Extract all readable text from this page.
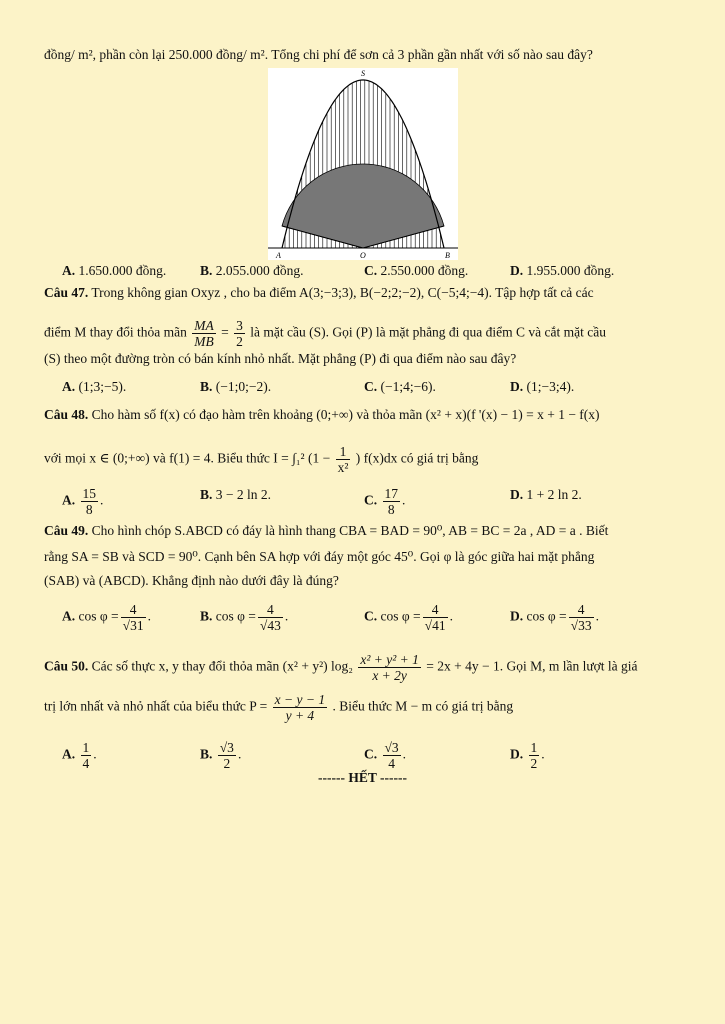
đồng/ m², phần còn lại 250.000 đồng/ m². Tổng chi phí để sơn cả 3 phần gần nhất với số nào sau đây?
S
A	O	B
A. 1.650.000 đồng.	B. 2.055.000 đồng.	C. 2.550.000 đồng.	D. 1.955.000 đồng.
Câu 47. Trong không gian Oxyz , cho ba điểm A(3;−3;3), B(−2;2;−2), C(−5;4;−4). Tập hợp tất cả các
điểm M thay đổi thỏa mãn $\frac{MA}{MB} = \frac{3}{2}$ là mặt cầu (S). Gọi (P) là mặt phẳng đi qua điểm C và cắt mặt cầu
(S) theo một đường tròn có bán kính nhỏ nhất. Mặt phẳng (P) đi qua điểm nào sau đây?
A. (1;3;−5).	B. (−1;0;−2).	C. (−1;4;−6).	D. (1;−3;4).
Câu 48. Cho hàm số f(x) có đạo hàm trên khoảng (0;+∞) và thỏa mãn (x² + x)(f '(x) − 1) = x + 1 − f(x)
với mọi x ∈ (0;+∞) và f(1) = 4. Biểu thức I = ∫₁² ($1 - \frac{1}{\text{x²}}$ ) f(x)dx có giá trị bằng
A. $\frac{15}{8}$ .	B. 3 − 2 ln 2.	C. $\frac{17}{8}$ .	D. 1 + 2 ln 2.
Câu 49. Cho hình chóp S.ABCD có đáy là hình thang CBA = BAD = 90⁰, AB = BC = 2a , AD = a . Biết
rằng SA = SB và SCD = 90⁰. Cạnh bên SA hợp với đáy một góc 45⁰. Gọi φ là góc giữa hai mặt phẳng
(SAB) và (ABCD). Khẳng định nào dưới đây là đúng?
A. $\cos \varphi = \frac{4}{√31}$ .	B. $\cos \varphi = \frac{4}{√43}$ .	C. $\cos \varphi = \frac{4}{√41}$ .	D. $\cos \varphi = \frac{4}{√33}$ .
Câu 50. Các số thực x, y thay đổi thỏa mãn (x² + y²) $\log_2 \frac{\text{x² + y² + 1}}{x + 2y} = 2x + 4y - 1$. Gọi M, m lần lượt là giá
trị lớn nhất và nhỏ nhất của biểu thức $P = \frac{x - y - 1}{y + 4}$ . Biểu thức M − m có giá trị bằng
A. $\frac{1}{4}$ .	B. $\frac{√3}{2}$ .	C. $\frac{√3}{4}$ .	D. $\frac{1}{2}$ .
------ HẾT ------
